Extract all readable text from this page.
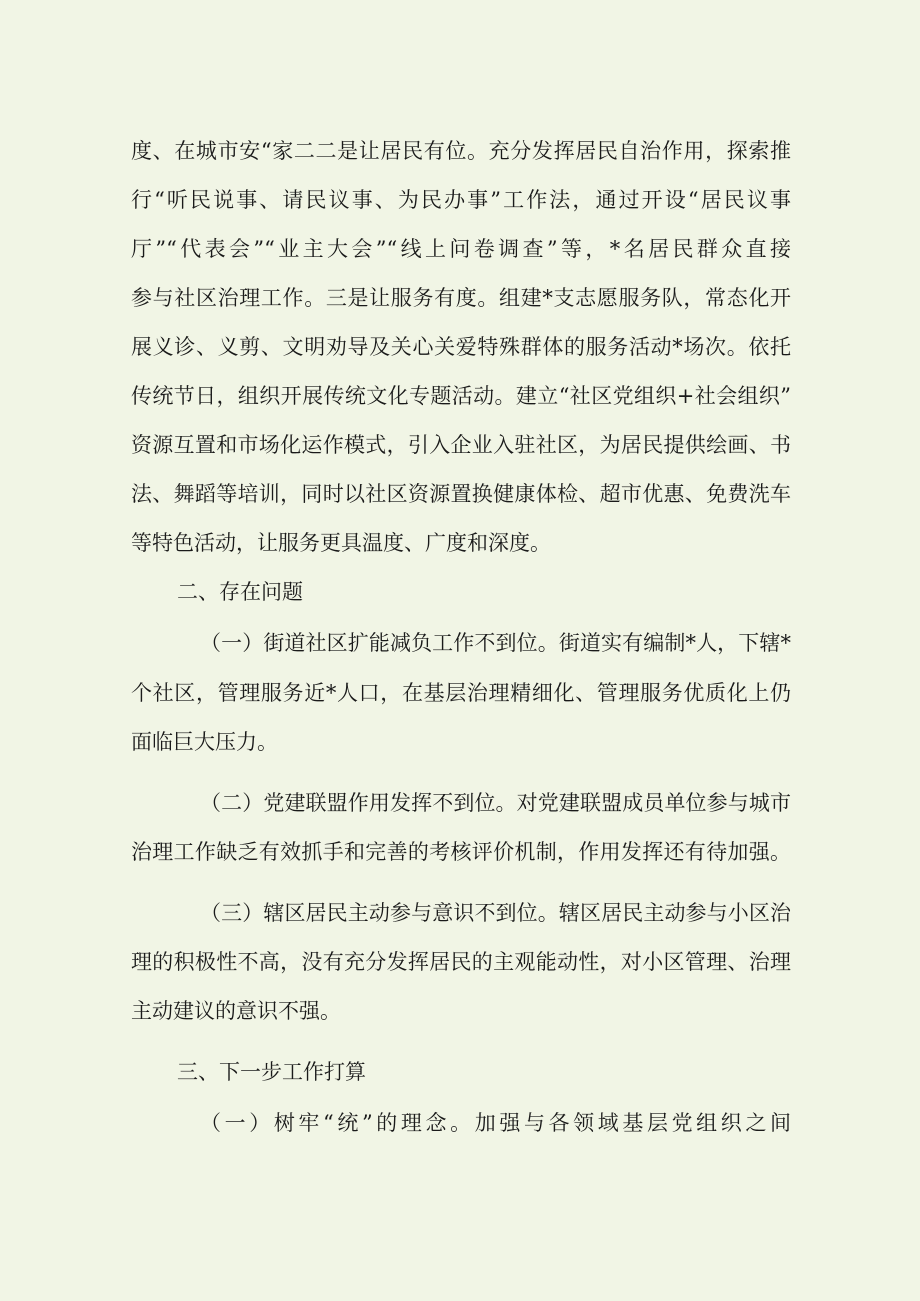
度、在城市安“家二二是让居民有位。充分发挥居民自治作用，探索推
行“听民说事、请民议事、为民办事”工作法，通过开设“居民议事
厅”“代表会”“业主大会”“线上问卷调查”等，*名居民群众直接
参与社区治理工作。三是让服务有度。组建*支志愿服务队，常态化开
展义诊、义剪、文明劝导及关心关爱特殊群体的服务活动*场次。依托
传统节日，组织开展传统文化专题活动。建立“社区党组织+社会组织”
资源互置和市场化运作模式，引入企业入驻社区，为居民提供绘画、书
法、舞蹈等培训，同时以社区资源置换健康体检、超市优惠、免费洗车
等特色活动，让服务更具温度、广度和深度。
二、存在问题
（一）街道社区扩能减负工作不到位。街道实有编制*人，下辖*
个社区，管理服务近*人口，在基层治理精细化、管理服务优质化上仍
面临巨大压力。
（二）党建联盟作用发挥不到位。对党建联盟成员单位参与城市
治理工作缺乏有效抓手和完善的考核评价机制，作用发挥还有待加强。
（三）辖区居民主动参与意识不到位。辖区居民主动参与小区治
理的积极性不高，没有充分发挥居民的主观能动性，对小区管理、治理
主动建议的意识不强。
三、下一步工作打算
（一）树牢“统”的理念。加强与各领域基层党组织之间
